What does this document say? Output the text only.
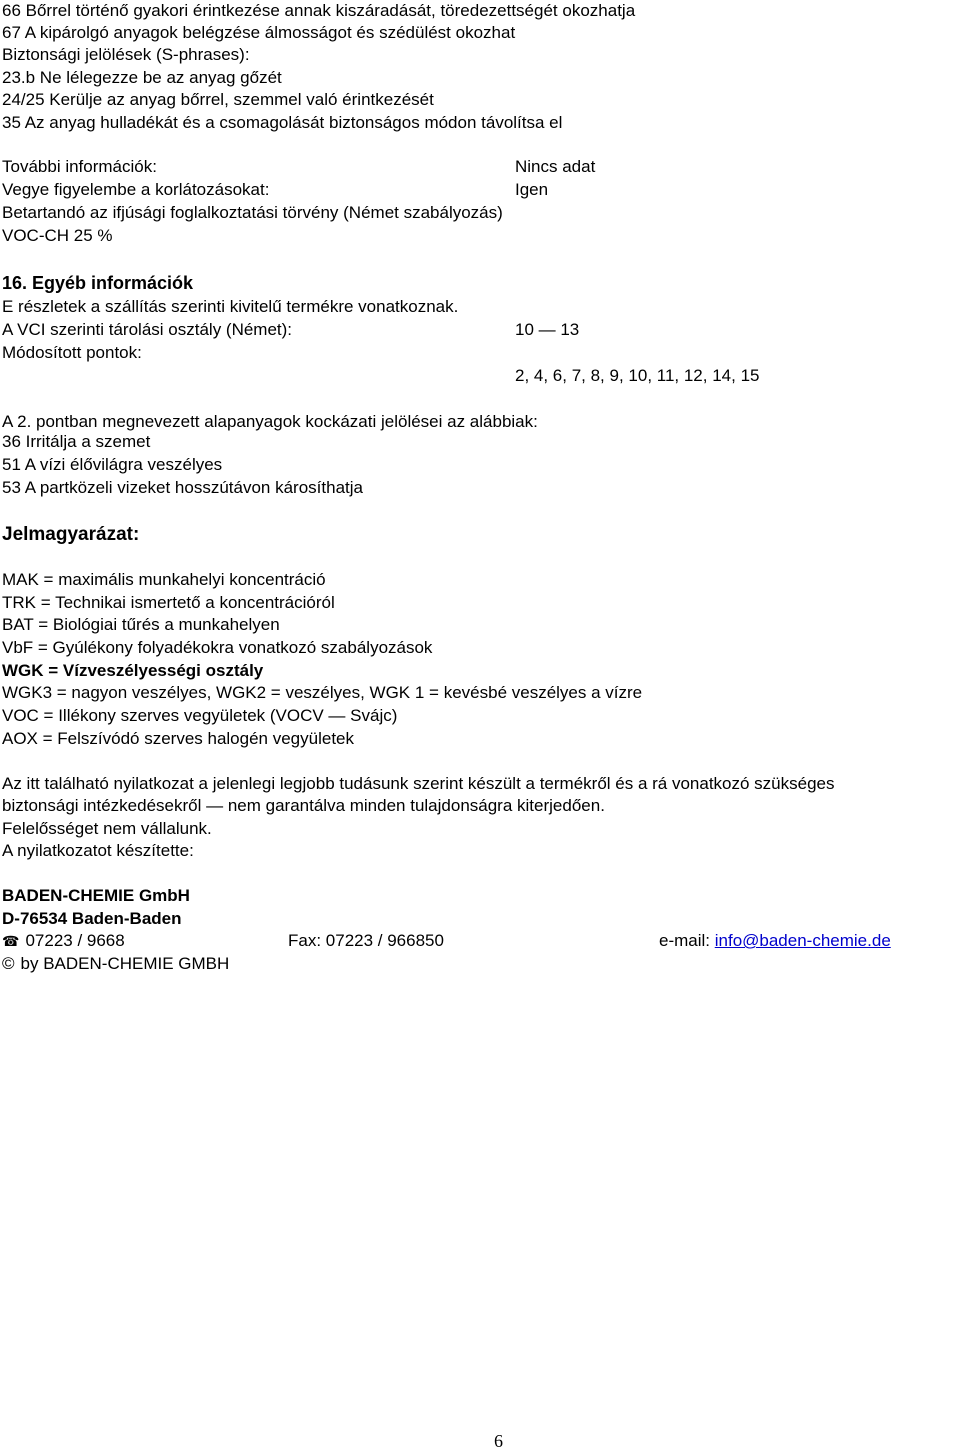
66 Bőrrel történő gyakori érintkezése annak kiszáradását, töredezettségét okozhatja
67 A kipárolgó anyagok belégzése álmosságot és szédülést okozhat
Biztonsági jelölések (S-phrases):
23.b Ne lélegezze be az anyag gőzét
24/25 Kerülje az anyag bőrrel, szemmel való érintkezését
35 Az anyag hulladékát és a csomagolását biztonságos módon távolítsa el
További információk:	Nincs adat
Vegye figyelembe a korlátozásokat:	Igen
Betartandó az ifjúsági foglalkoztatási törvény (Német szabályozás)
VOC-CH 25 %
16. Egyéb információk
E részletek a szállítás szerinti kivitelű termékre vonatkoznak.
A VCI szerinti tárolási osztály (Német):	10 — 13
Módosított pontok:
2, 4, 6, 7, 8, 9, 10, 11, 12, 14, 15
A 2. pontban megnevezett alapanyagok kockázati jelölései az alábbiak:
36 Irritálja a szemet
51 A vízi élővilágra veszélyes
53 A partközeli vizeket hosszútávon károsíthatja
Jelmagyarázat:
MAK = maximális munkahelyi koncentráció
TRK = Technikai ismertető a koncentrációról
BAT = Biológiai tűrés a munkahelyen
VbF = Gyúlékony folyadékokra vonatkozó szabályozások
WGK = Vízveszélyességi osztály
WGK3 = nagyon veszélyes, WGK2 = veszélyes, WGK 1 = kevésbé veszélyes a vízre
VOC = Illékony szerves vegyületek (VOCV — Svájc)
AOX = Felszívódó szerves halogén vegyületek
Az itt található nyilatkozat a jelenlegi legjobb tudásunk szerint készült a termékről és a rá vonatkozó szükséges
biztonsági intézkedésekről — nem garantálva minden tulajdonságra kiterjedően.
Felelősséget nem vállalunk.
A nyilatkozatot készítette:
BADEN-CHEMIE GmbH
D-76534 Baden-Baden
☎ 07223 / 9668	Fax: 07223 / 966850	e-mail: info@baden-chemie.de
© by BADEN-CHEMIE GMBH
6
